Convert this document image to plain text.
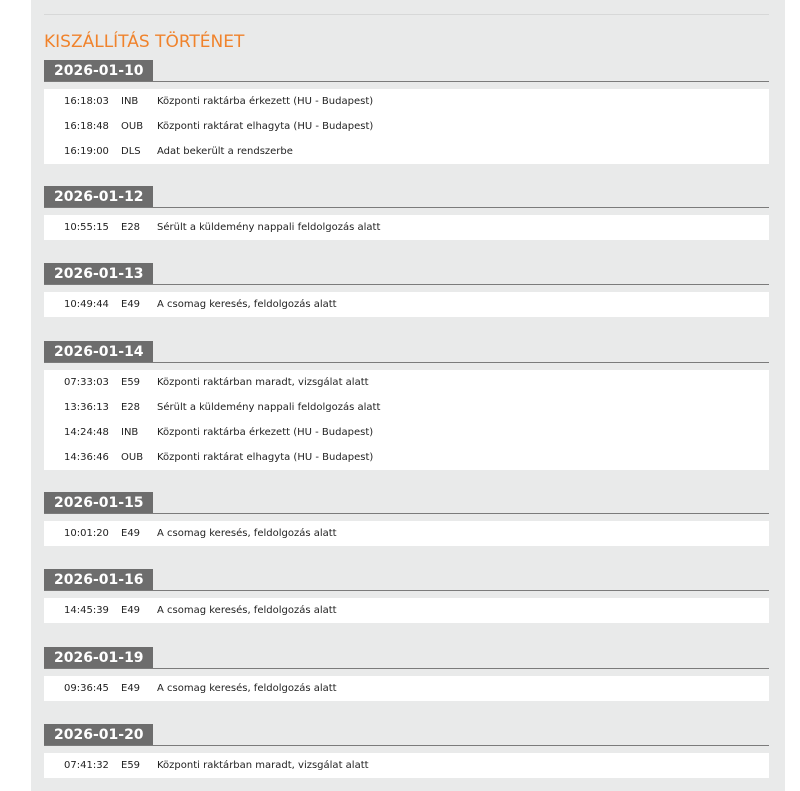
KISZÁLLÍTÁS TÖRTÉNET
2026-01-10
16:18:03	INB	Központi raktárba érkezett (HU - Budapest)
16:18:48	OUB	Központi raktárat elhagyta (HU - Budapest)
16:19:00	DLS	Adat bekerült a rendszerbe
2026-01-12
10:55:15	E28	Sérült a küldemény nappali feldolgozás alatt
2026-01-13
10:49:44	E49	A csomag keresés, feldolgozás alatt
2026-01-14
07:33:03	E59	Központi raktárban maradt, vizsgálat alatt
13:36:13	E28	Sérült a küldemény nappali feldolgozás alatt
14:24:48	INB	Központi raktárba érkezett (HU - Budapest)
14:36:46	OUB	Központi raktárat elhagyta (HU - Budapest)
2026-01-15
10:01:20	E49	A csomag keresés, feldolgozás alatt
2026-01-16
14:45:39	E49	A csomag keresés, feldolgozás alatt
2026-01-19
09:36:45	E49	A csomag keresés, feldolgozás alatt
2026-01-20
07:41:32	E59	Központi raktárban maradt, vizsgálat alatt
